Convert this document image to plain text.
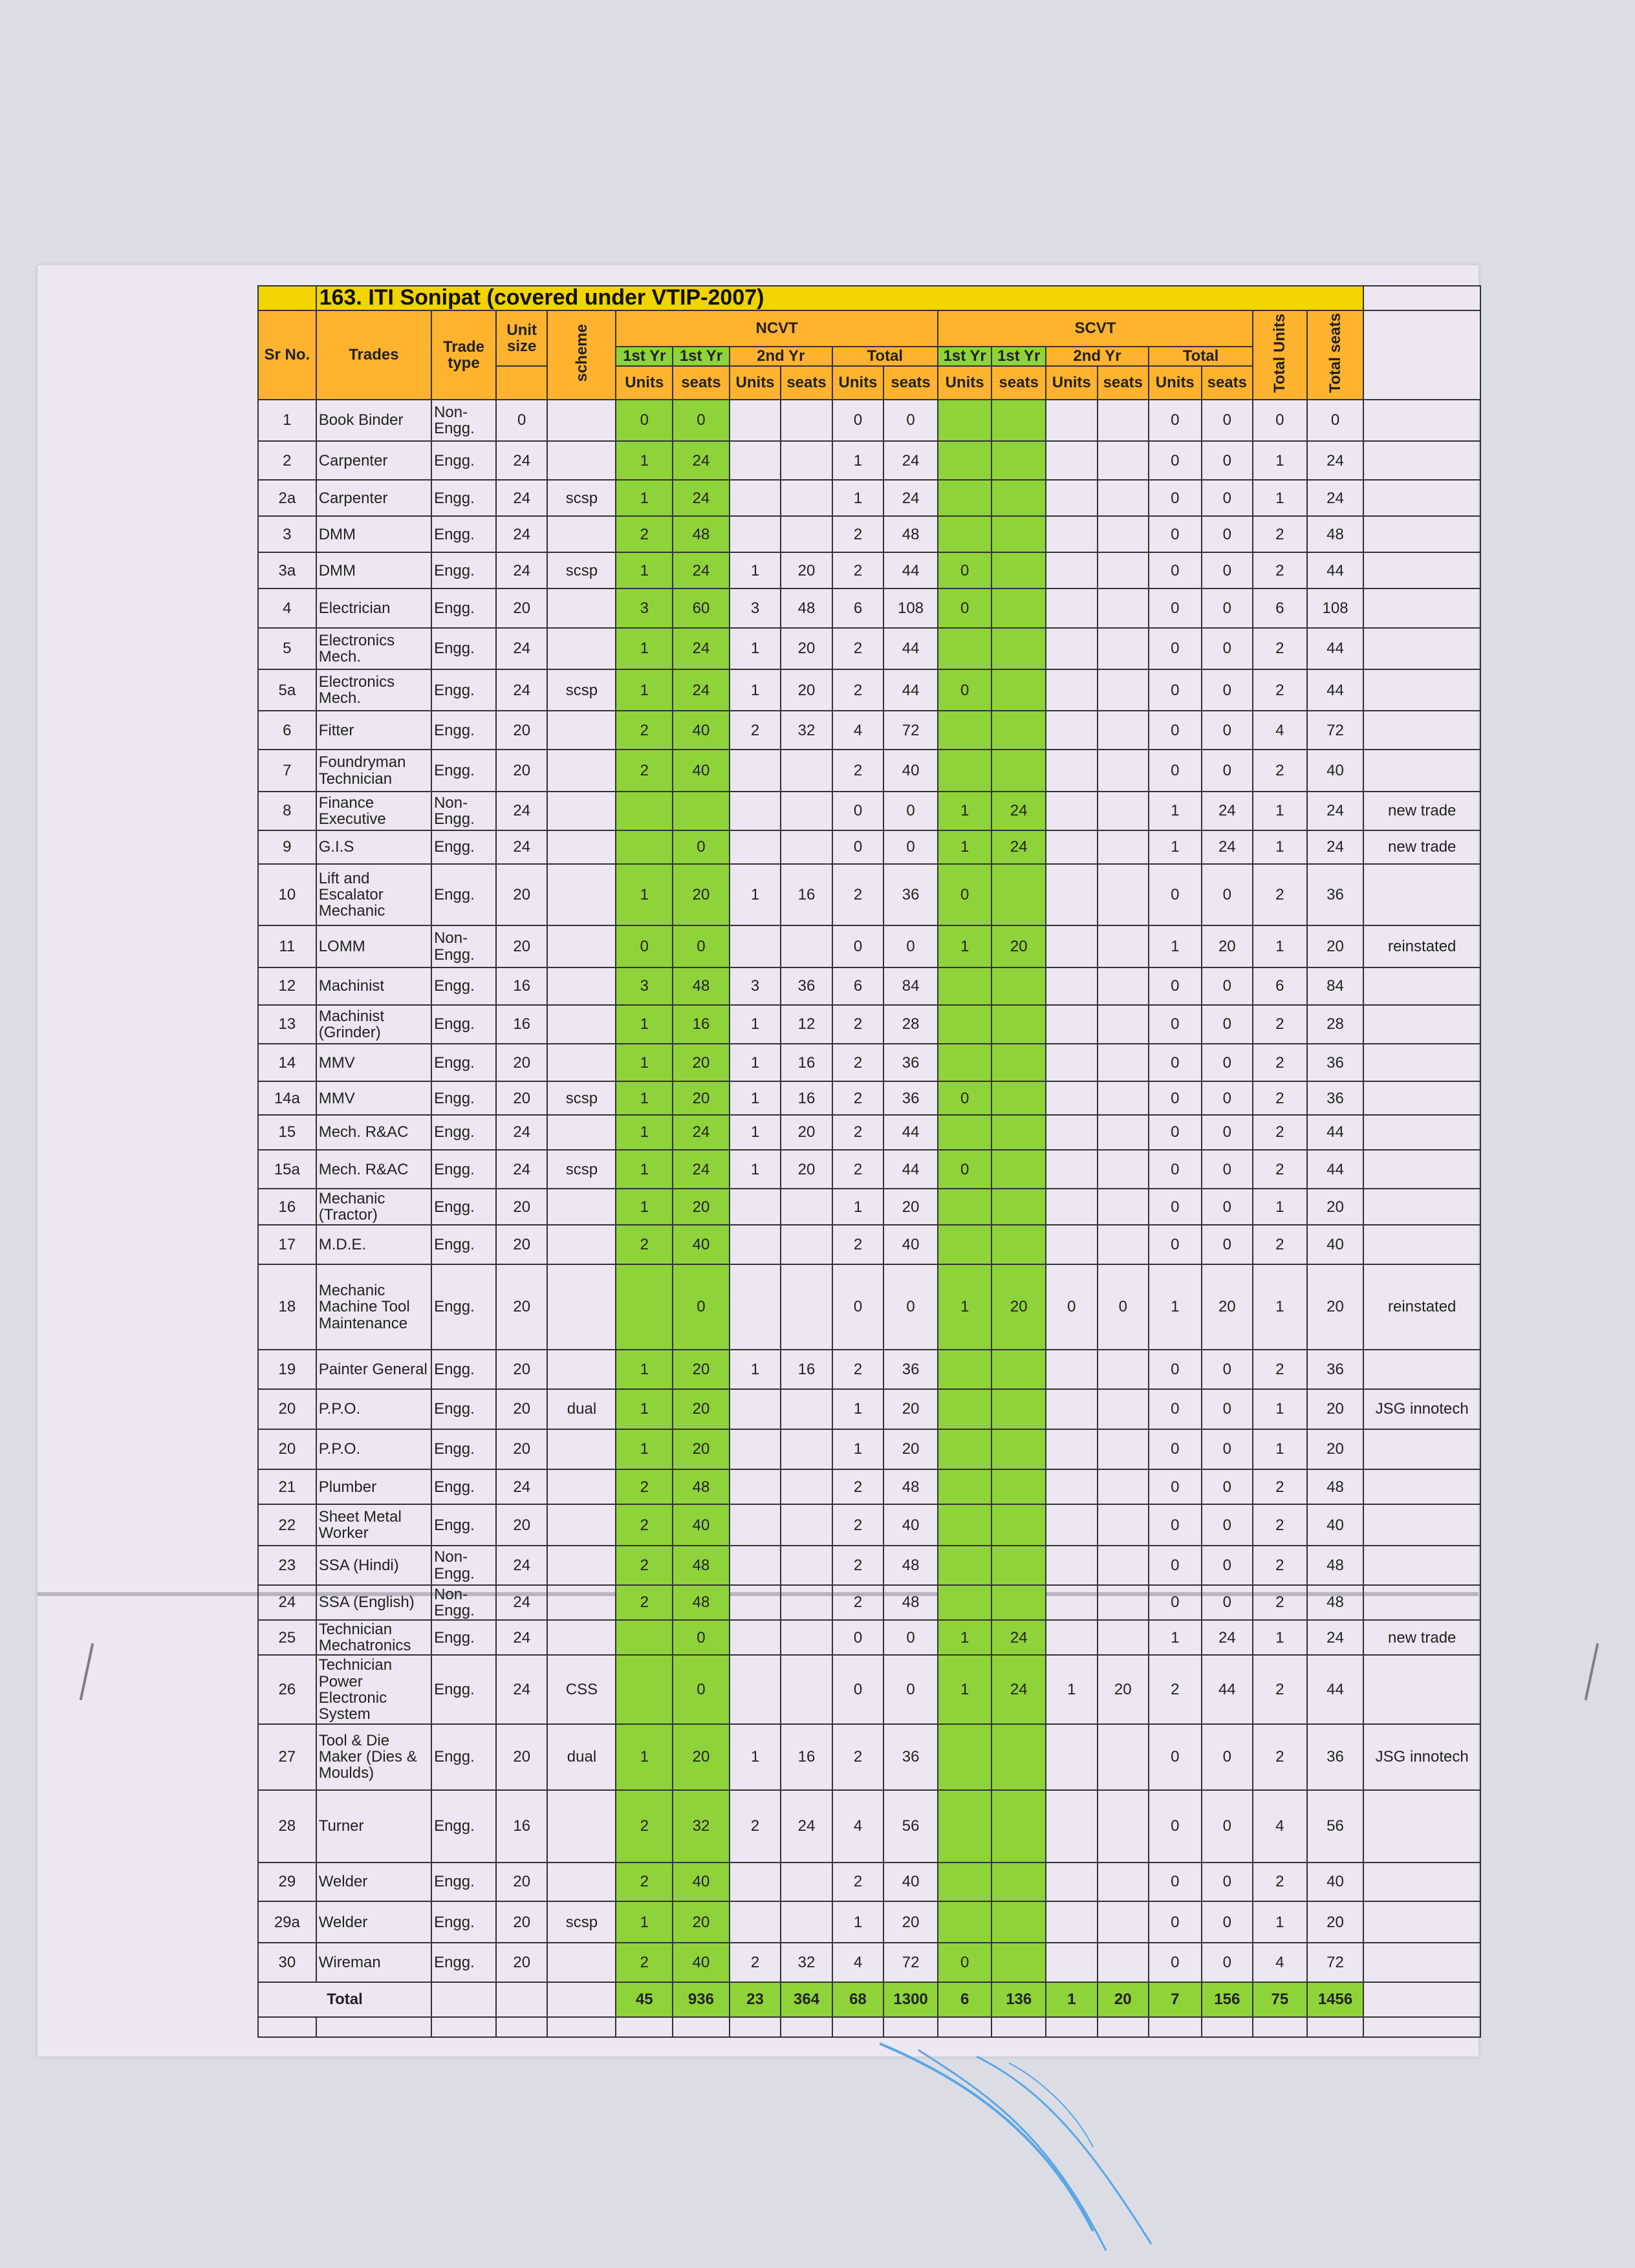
	163. ITI Sonipat (covered under VTIP-2007)																		
Sr No.	Trades	Trade type	Unit size	scheme	NCVT						SCVT						Total Units	Total seats	
					1st Yr	1st Yr	2nd Yr		Total		1st Yr	1st Yr	2nd Yr		Total				
					Units	seats	Units	seats	Units	seats	Units	seats	Units	seats	Units	seats			
1	Book Binder	Non-Engg.	0		0	0			0	0					0	0	0	0	
2	Carpenter	Engg.	24		1	24			1	24					0	0	1	24	
2a	Carpenter	Engg.	24	scsp	1	24			1	24					0	0	1	24	
3	DMM	Engg.	24		2	48			2	48					0	0	2	48	
3a	DMM	Engg.	24	scsp	1	24	1	20	2	44	0				0	0	2	44	
4	Electrician	Engg.	20		3	60	3	48	6	108	0				0	0	6	108	
5	Electronics Mech.	Engg.	24		1	24	1	20	2	44					0	0	2	44	
5a	Electronics Mech.	Engg.	24	scsp	1	24	1	20	2	44	0				0	0	2	44	
6	Fitter	Engg.	20		2	40	2	32	4	72					0	0	4	72	
7	Foundryman Technician	Engg.	20		2	40			2	40					0	0	2	40	
8	Finance Executive	Non-Engg.	24						0	0	1	24			1	24	1	24	new trade
9	G.I.S	Engg.	24			0			0	0	1	24			1	24	1	24	new trade
10	Lift and Escalator Mechanic	Engg.	20		1	20	1	16	2	36	0				0	0	2	36	
11	LOMM	Non-Engg.	20		0	0			0	0	1	20			1	20	1	20	reinstated
12	Machinist	Engg.	16		3	48	3	36	6	84					0	0	6	84	
13	Machinist (Grinder)	Engg.	16		1	16	1	12	2	28					0	0	2	28	
14	MMV	Engg.	20		1	20	1	16	2	36					0	0	2	36	
14a	MMV	Engg.	20	scsp	1	20	1	16	2	36	0				0	0	2	36	
15	Mech. R&AC	Engg.	24		1	24	1	20	2	44					0	0	2	44	
15a	Mech. R&AC	Engg.	24	scsp	1	24	1	20	2	44	0				0	0	2	44	
16	Mechanic (Tractor)	Engg.	20		1	20			1	20					0	0	1	20	
17	M.D.E.	Engg.	20		2	40			2	40					0	0	2	40	
18	Mechanic Machine Tool Maintenance	Engg.	20			0			0	0	1	20	0	0	1	20	1	20	reinstated
19	Painter General	Engg.	20		1	20	1	16	2	36					0	0	2	36	
20	P.P.O.	Engg.	20	dual	1	20			1	20					0	0	1	20	JSG innotech
20	P.P.O.	Engg.	20		1	20			1	20					0	0	1	20	
21	Plumber	Engg.	24		2	48			2	48					0	0	2	48	
22	Sheet Metal Worker	Engg.	20		2	40			2	40					0	0	2	40	
23	SSA (Hindi)	Non-Engg.	24		2	48			2	48					0	0	2	48	
24	SSA (English)	Non-Engg.	24		2	48			2	48					0	0	2	48	
25	Technician Mechatronics	Engg.	24			0			0	0	1	24			1	24	1	24	new trade
26	Technician Power Electronic System	Engg.	24	CSS		0			0	0	1	24	1	20	2	44	2	44	
27	Tool & Die Maker (Dies & Moulds)	Engg.	20	dual	1	20	1	16	2	36					0	0	2	36	JSG innotech
28	Turner	Engg.	16		2	32	2	24	4	56					0	0	4	56	
29	Welder	Engg.	20		2	40			2	40					0	0	2	40	
29a	Welder	Engg.	20	scsp	1	20			1	20					0	0	1	20	
30	Wireman	Engg.	20		2	40	2	32	4	72	0				0	0	4	72	
Total					45	936	23	364	68	1300	6	136	1	20	7	156	75	1456	
